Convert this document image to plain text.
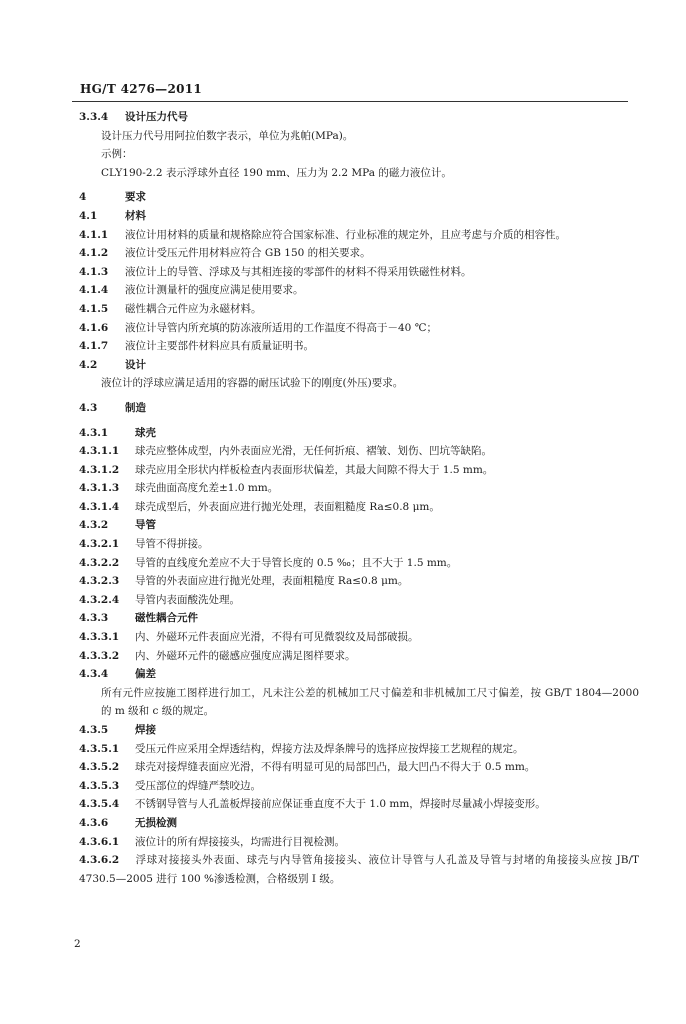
HG/T 4276—2011
3.3.4 设计压力代号
设计压力代号用阿拉伯数字表示，单位为兆帕(MPa)。
示例：
CLY190-2.2 表示浮球外直径 190 mm、压力为 2.2 MPa 的磁力液位计。
4	要求
4.1	材料
4.1.1 液位计用材料的质量和规格除应符合国家标准、行业标准的规定外，且应考虑与介质的相容性。
4.1.2 液位计受压元件用材料应符合 GB 150 的相关要求。
4.1.3 液位计上的导管、浮球及与其相连接的零部件的材料不得采用铁磁性材料。
4.1.4 液位计测量杆的强度应满足使用要求。
4.1.5 磁性耦合元件应为永磁材料。
4.1.6 液位计导管内所充填的防冻液所适用的工作温度不得高于－40 ℃；
4.1.7 液位计主要部件材料应具有质量证明书。
4.2	设计
液位计的浮球应满足适用的容器的耐压试验下的刚度(外压)要求。
4.3	制造
4.3.1	球壳
4.3.1.1 球壳应整体成型，内外表面应光滑，无任何折痕、褶皱、划伤、凹坑等缺陷。
4.3.1.2 球壳应用全形状内样板检查内表面形状偏差，其最大间隙不得大于 1.5 mm。
4.3.1.3 球壳曲面高度允差±1.0 mm。
4.3.1.4 球壳成型后，外表面应进行抛光处理，表面粗糙度 Ra≤0.8 μm。
4.3.2	导管
4.3.2.1 导管不得拼接。
4.3.2.2 导管的直线度允差应不大于导管长度的 0.5 ‰；且不大于 1.5 mm。
4.3.2.3 导管的外表面应进行抛光处理，表面粗糙度 Ra≤0.8 μm。
4.3.2.4 导管内表面酸洗处理。
4.3.3	磁性耦合元件
4.3.3.1 内、外磁环元件表面应光滑，不得有可见微裂纹及局部破损。
4.3.3.2 内、外磁环元件的磁感应强度应满足图样要求。
4.3.4	偏差
所有元件应按施工图样进行加工，凡未注公差的机械加工尺寸偏差和非机械加工尺寸偏差，按 GB/T 1804—2000 的 m 级和 c 级的规定。
4.3.5	焊接
4.3.5.1 受压元件应采用全焊透结构，焊接方法及焊条牌号的选择应按焊接工艺规程的规定。
4.3.5.2 球壳对接焊缝表面应光滑，不得有明显可见的局部凹凸，最大凹凸不得大于 0.5 mm。
4.3.5.3 受压部位的焊缝严禁咬边。
4.3.5.4 不锈钢导管与人孔盖板焊接前应保证垂直度不大于 1.0 mm，焊接时尽量减小焊接变形。
4.3.6	无损检测
4.3.6.1 液位计的所有焊接接头，均需进行目视检测。
4.3.6.2 浮球对接接头外表面、球壳与内导管角接接头、液位计导管与人孔盖及导管与封堵的角接接头应按 JB/T 4730.5—2005 进行 100 %渗透检测，合格级别 I 级。
2
